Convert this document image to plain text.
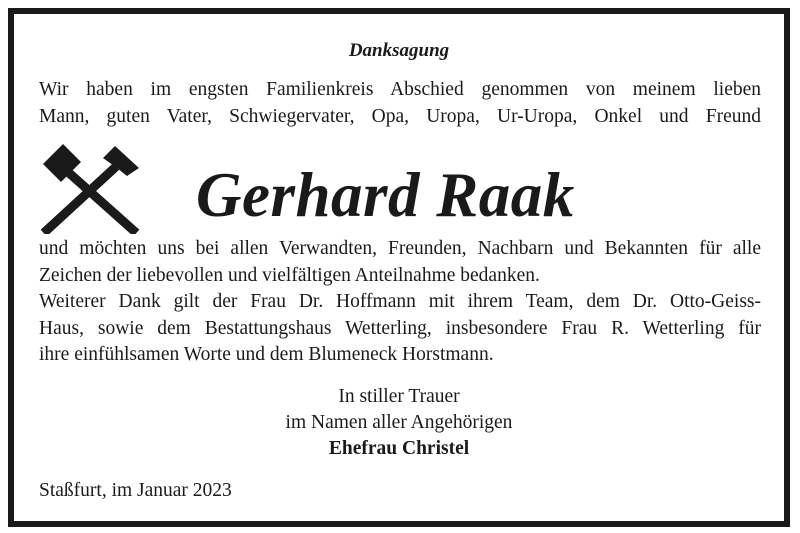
Danksagung

Wir haben im engsten Familienkreis Abschied genommen von meinem lieben
Mann, guten Vater, Schwiegervater, Opa, Uropa, Ur-Uropa, Onkel und Freund

Gerhard Raak

und möchten uns bei allen Verwandten, Freunden, Nachbarn und Bekannten für alle
Zeichen der liebevollen und vielfältigen Anteilnahme bedanken.
Weiterer Dank gilt der Frau Dr. Hoffmann mit ihrem Team, dem Dr. Otto-Geiss-
Haus, sowie dem Bestattungshaus Wetterling, insbesondere Frau R. Wetterling für
ihre einfühlsamen Worte und dem Blumeneck Horstmann.

In stiller Trauer
im Namen aller Angehörigen
Ehefrau Christel
Staßfurt, im Januar 2023
